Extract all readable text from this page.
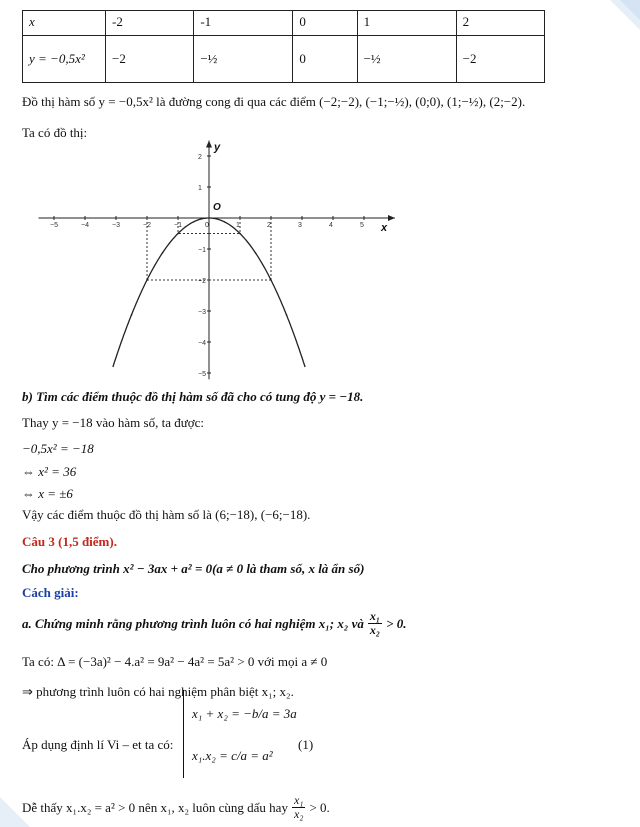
x	-2	-1	0	1	2
y = −0,5x²	−2	−½	0	−½	−2
Đồ thị hàm số y = −0,5x² là đường cong đi qua các điểm (−2;−2), (−1;−½), (0;0), (1;−½), (2;−2).
Ta có đồ thị:
−5	−4	−3	−2	−1	0	1	2	3	4	5
2
1
−1
−2
−3
−4
−5
x
y
O
b) Tìm các điểm thuộc đồ thị hàm số đã cho có tung độ y = −18.
Thay y = −18 vào hàm số, ta được:
−0,5x² = −18
⇔ x² = 36
⇔ x = ±6
Vậy các điểm thuộc đồ thị hàm số là (6;−18), (−6;−18).
Câu 3 (1,5 điểm).
Cho phương trình x² − 3ax + a² = 0(a ≠ 0 là tham số, x là ẩn số)
Cách giải:
a. Chứng minh rằng phương trình luôn có hai nghiệm x₁; x₂ và $\frac{\text{x₁}}{\text{x₂}} > 0$.
Ta có: Δ = (−3a)² − 4.a² = 9a² − 4a² = 5a² > 0 với mọi a ≠ 0
⇒ phương trình luôn có hai nghiệm phân biệt x₁; x₂.
Áp dụng định lí Vi – et ta có:
x₁ + x₂ = −b/a = 3a
x₁.x₂ = c/a = a²
(1)
Dễ thấy x₁.x₂ = a² > 0 nên x₁, x₂ luôn cùng dấu hay $\frac{\text{x₁}}{\text{x₂}} > 0$.
